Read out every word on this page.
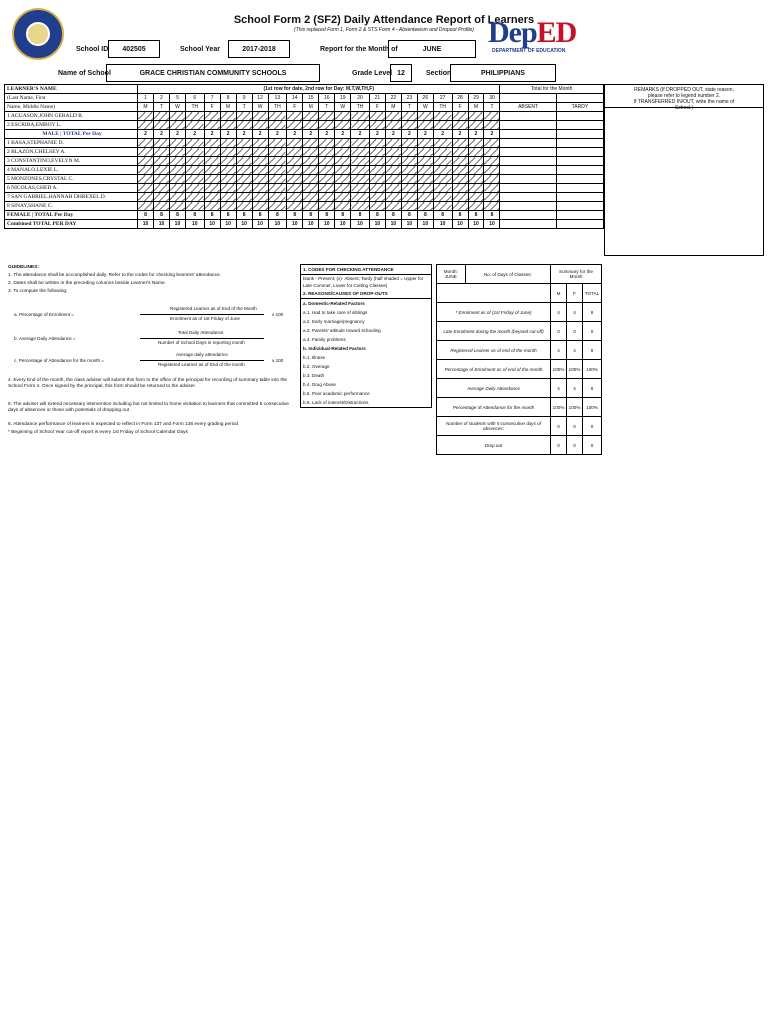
School Form 2 (SF2) Daily Attendance Report of Learners
(This replaced Form 1, Form 2 & STS Form 4 - Absenteeism and Dropout Profile) DepED
DEPARTMENT OF EDUCATION
School ID	402505	School Year	2017-2018	Report for the Month of	JUNE
Name of School	GRACE CHRISTIAN COMMUNITY SCHOOLS	Grade Level 12	Section	PHILIPPIANS
LEARNER'S NAME	(1st row for date, 2nd row for Day: M,T,W,TH,F)																						Total for the Month	
(Last Name, First	1	2	5	6	7	8	9	12	13	14	15	16	19	20	21	22	23	26	27	28	29	30		
Name, Middle Name)	M	T	W	TH	F	M	T	W	TH	F	M	T	W	TH	F	M	T	W	TH	F	M	T	ABSENT	TARDY
1 AGUASON,JOHN GERALD R.																								
2 ESCRIBA,EMBOY L.																								
MALE | TOTAL Per Day	2	2	2	2	2	2	2	2	2	2	2	2	2	2	2	2	2	2	2	2	2	2		
1 BASA,STEPHANIE D.																								
2 BLAZON,CHELSEY A.																								
3 CONSTANTINO,EVELYN M.																								
4 MANALO,LEXIE L.																								
5 MONZONES,CRYSTAL C.																								
6 NICOLAS,CHED A.																								
7 SAN GABRIEL,HANNAH DHREXEL D.																								
8 SINAY,SHANE C.																								
FEMALE | TOTAL Per Day	8	8	8	8	8	8	8	8	8	8	8	8	8	8	8	8	8	8	8	8	8	8		
Combined TOTAL PER DAY	10	10	10	10	10	10	10	10	10	10	10	10	10	10	10	10	10	10	10	10	10	10		
REMARKS (If DROPPED OUT, state reason,
please refer to legend number 2.
If TRANSFERRED IN/OUT, write the name of
School.)
GUIDELINES:
1. The attendance shall be accomplished daily. Refer to the codes for checking learners' attendance.
2. Dates shall be written in the preceding columns beside Learner's Name.
3. To compute the following:
a. Percentage of Enrolment =
Registered Learner as of End of the Month
Enrolment as of 1st Friday of June
x 100
b. Average Daily Attendance =
Total Daily Attendance
Number of School Days in reporting month
c. Percentage of Attendance for the month =
Average daily attendance
Registered Learner as of End of the month
x 100
4. Every End of the month, the class adviser will submit this form to the office of the principal for recording of summary table into the School Form 4. Once signed by the principal, this form should be returned to the adviser.
5. The adviser will extend necessary intervention including but not limited to home visitation to learners that committed 5 consecutive days of absences or those with potentials of dropping out
6. Attendance performance of learners is expected to reflect in Form 137 and Form 138 every grading period
* Beginning of School Year cut-off report is every 1st Friday of School Calendar Days
1. CODES FOR CHECKING ATTENDANCE
blank - Present; (x)- Absent; Tardy (half shaded = Upper for Late Commer, Lower for Cutting Classes)
2. REASONS/CAUSES OF DROP-OUTS
a. Domestic-Related Factors
a.1. Had to take care of siblings
a.2. Early marriage/pregnancy
a.3. Parents' attitude toward schooling
a.4. Family problems
b. Individual-Related Factors
b.1. Illness
b.2. Overage
b.3. Death
b.4. Drug Abuse
b.5. Poor academic performance
b.6. Lack of interest/Distractions
Month:
JUNE	No. of Days of Classes:	Summary for the Month		
		M	F	TOTAL
* Enrolment as of (1st Friday of June)		4	4	8
Late Enrolment during the month (beyond cut-off)		0	0	0
Registered Learner as of end of the month		4	4	8
Percentage of Enrolment as of end of the month		100%	100%	100%
Average Daily Attendance		4	4	8
Percentage of Attendance for the month		100%	100%	100%
Number of students with 5 consecutive days of absences:		0	0	0
Drop out		0	0	0
